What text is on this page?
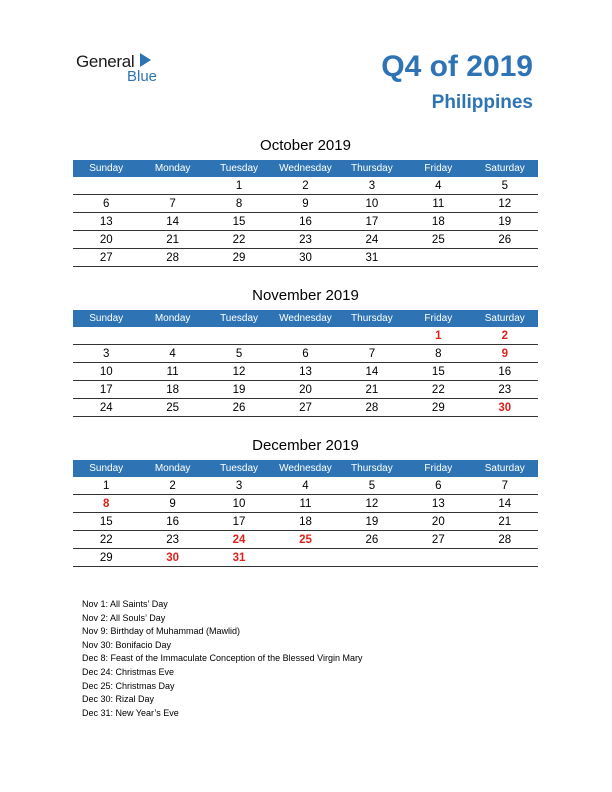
General
Blue	Q4 of 2019
Philippines
October 2019
Sunday	Monday	Tuesday	Wednesday	Thursday	Friday	Saturday
		1	2	3	4	5
6	7	8	9	10	11	12
13	14	15	16	17	18	19
20	21	22	23	24	25	26
27	28	29	30	31		
November 2019
Sunday	Monday	Tuesday	Wednesday	Thursday	Friday	Saturday
					1	2
3	4	5	6	7	8	9
10	11	12	13	14	15	16
17	18	19	20	21	22	23
24	25	26	27	28	29	30
December 2019
Sunday	Monday	Tuesday	Wednesday	Thursday	Friday	Saturday
1	2	3	4	5	6	7
8	9	10	11	12	13	14
15	16	17	18	19	20	21
22	23	24	25	26	27	28
29	30	31				
Nov 1: All Saints’ Day
Nov 2: All Souls’ Day
Nov 9: Birthday of Muhammad (Mawlid)
Nov 30: Bonifacio Day
Dec 8: Feast of the Immaculate Conception of the Blessed Virgin Mary
Dec 24: Christmas Eve
Dec 25: Christmas Day
Dec 30: Rizal Day
Dec 31: New Year’s Eve
